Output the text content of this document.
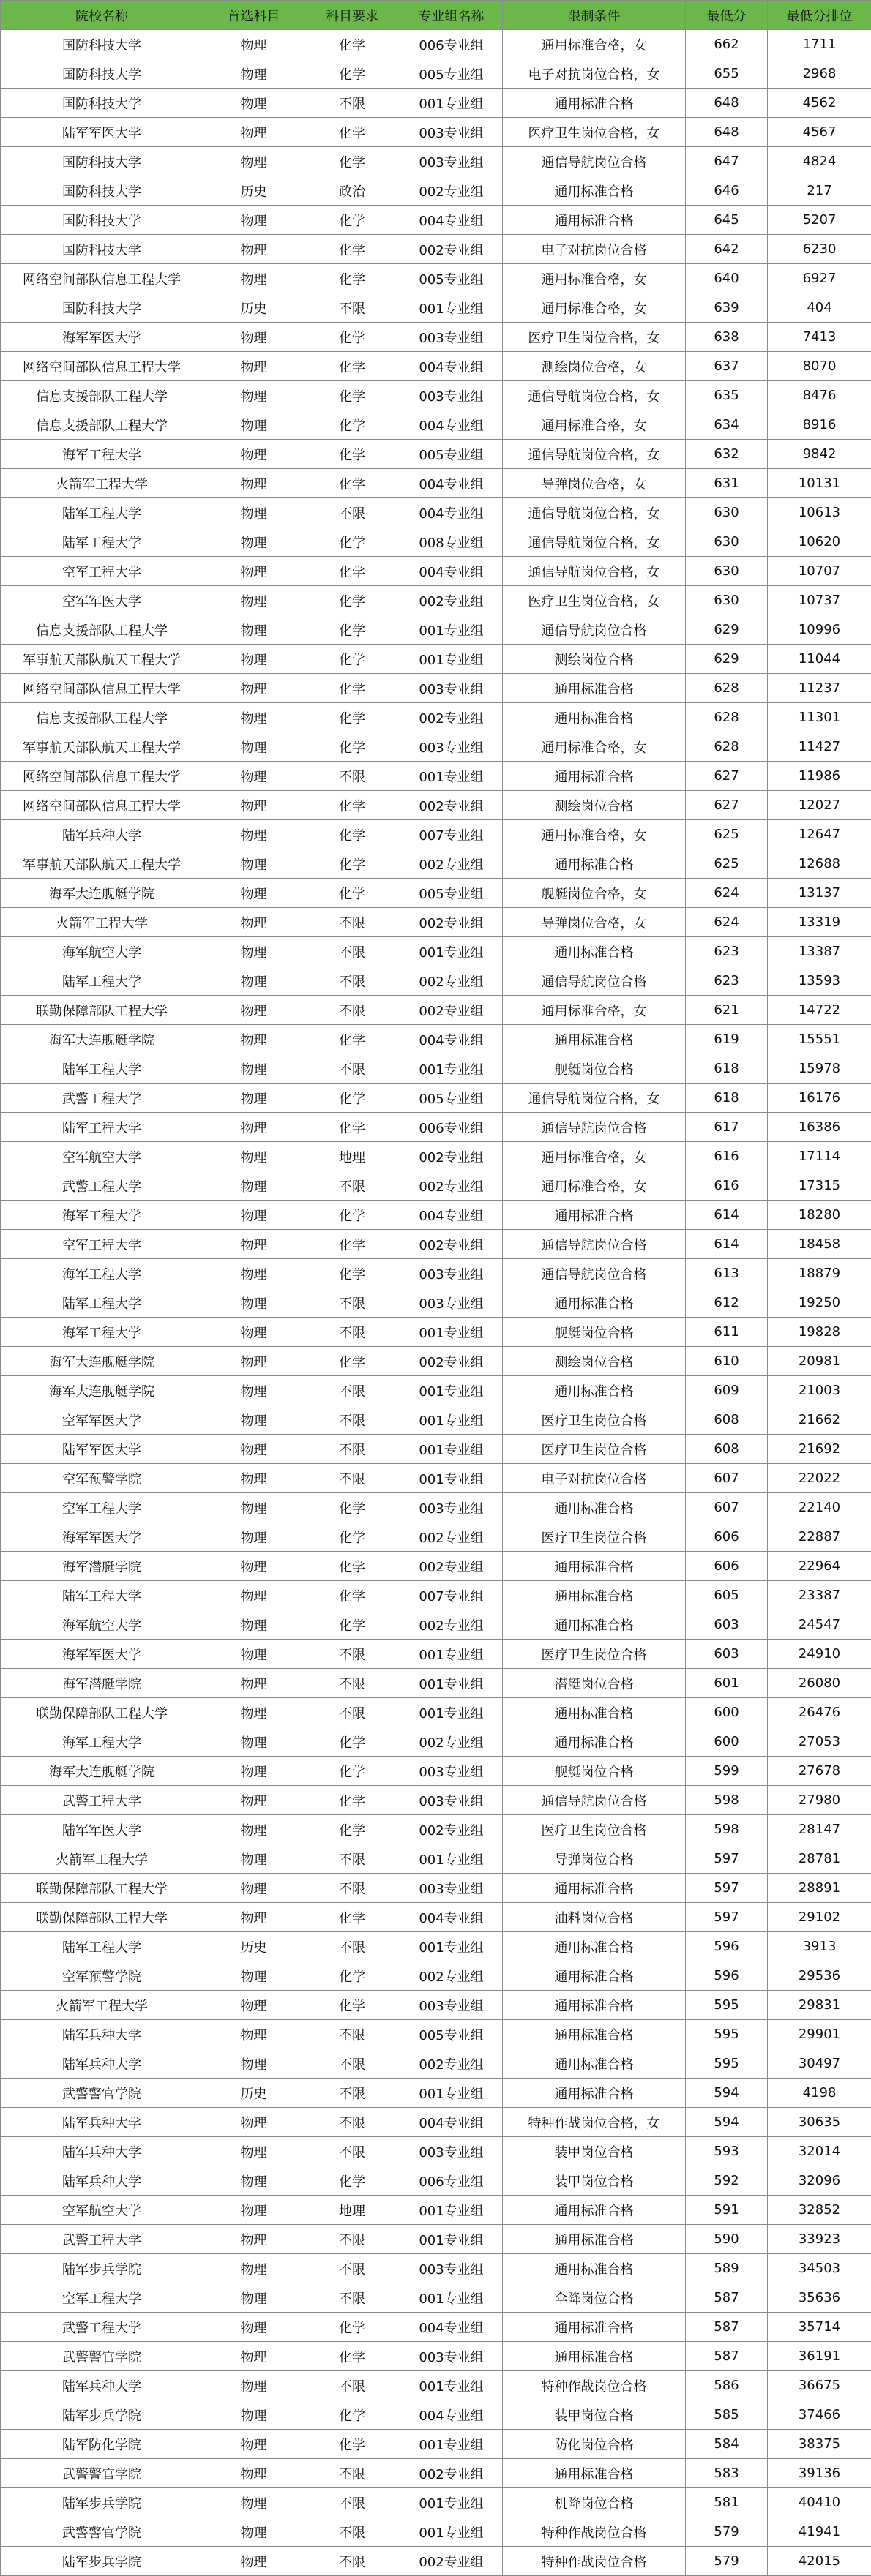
院校名称	首选科目	科目要求	专业组名称	限制条件	最低分	最低分排位
国防科技大学	物理	化学	006专业组	通用标准合格，女	662	1711
国防科技大学	物理	化学	005专业组	电子对抗岗位合格，女	655	2968
国防科技大学	物理	不限	001专业组	通用标准合格	648	4562
陆军军医大学	物理	化学	003专业组	医疗卫生岗位合格，女	648	4567
国防科技大学	物理	化学	003专业组	通信导航岗位合格	647	4824
国防科技大学	历史	政治	002专业组	通用标准合格	646	217
国防科技大学	物理	化学	004专业组	通用标准合格	645	5207
国防科技大学	物理	化学	002专业组	电子对抗岗位合格	642	6230
网络空间部队信息工程大学	物理	化学	005专业组	通用标准合格，女	640	6927
国防科技大学	历史	不限	001专业组	通用标准合格，女	639	404
海军军医大学	物理	化学	003专业组	医疗卫生岗位合格，女	638	7413
网络空间部队信息工程大学	物理	化学	004专业组	测绘岗位合格，女	637	8070
信息支援部队工程大学	物理	化学	003专业组	通信导航岗位合格，女	635	8476
信息支援部队工程大学	物理	化学	004专业组	通用标准合格，女	634	8916
海军工程大学	物理	化学	005专业组	通信导航岗位合格，女	632	9842
火箭军工程大学	物理	化学	004专业组	导弹岗位合格，女	631	10131
陆军工程大学	物理	不限	004专业组	通信导航岗位合格，女	630	10613
陆军工程大学	物理	化学	008专业组	通信导航岗位合格，女	630	10620
空军工程大学	物理	化学	004专业组	通信导航岗位合格，女	630	10707
空军军医大学	物理	化学	002专业组	医疗卫生岗位合格，女	630	10737
信息支援部队工程大学	物理	化学	001专业组	通信导航岗位合格	629	10996
军事航天部队航天工程大学	物理	化学	001专业组	测绘岗位合格	629	11044
网络空间部队信息工程大学	物理	化学	003专业组	通用标准合格	628	11237
信息支援部队工程大学	物理	化学	002专业组	通用标准合格	628	11301
军事航天部队航天工程大学	物理	化学	003专业组	通用标准合格，女	628	11427
网络空间部队信息工程大学	物理	不限	001专业组	通用标准合格	627	11986
网络空间部队信息工程大学	物理	化学	002专业组	测绘岗位合格	627	12027
陆军兵种大学	物理	化学	007专业组	通用标准合格，女	625	12647
军事航天部队航天工程大学	物理	化学	002专业组	通用标准合格	625	12688
海军大连舰艇学院	物理	化学	005专业组	舰艇岗位合格，女	624	13137
火箭军工程大学	物理	不限	002专业组	导弹岗位合格，女	624	13319
海军航空大学	物理	不限	001专业组	通用标准合格	623	13387
陆军工程大学	物理	不限	002专业组	通信导航岗位合格	623	13593
联勤保障部队工程大学	物理	不限	002专业组	通用标准合格，女	621	14722
海军大连舰艇学院	物理	化学	004专业组	通用标准合格	619	15551
陆军工程大学	物理	不限	001专业组	舰艇岗位合格	618	15978
武警工程大学	物理	化学	005专业组	通信导航岗位合格，女	618	16176
陆军工程大学	物理	化学	006专业组	通信导航岗位合格	617	16386
空军航空大学	物理	地理	002专业组	通用标准合格，女	616	17114
武警工程大学	物理	不限	002专业组	通用标准合格，女	616	17315
海军工程大学	物理	化学	004专业组	通用标准合格	614	18280
空军工程大学	物理	化学	002专业组	通信导航岗位合格	614	18458
海军工程大学	物理	化学	003专业组	通信导航岗位合格	613	18879
陆军工程大学	物理	不限	003专业组	通用标准合格	612	19250
海军工程大学	物理	不限	001专业组	舰艇岗位合格	611	19828
海军大连舰艇学院	物理	化学	002专业组	测绘岗位合格	610	20981
海军大连舰艇学院	物理	不限	001专业组	通用标准合格	609	21003
空军军医大学	物理	不限	001专业组	医疗卫生岗位合格	608	21662
陆军军医大学	物理	不限	001专业组	医疗卫生岗位合格	608	21692
空军预警学院	物理	不限	001专业组	电子对抗岗位合格	607	22022
空军工程大学	物理	化学	003专业组	通用标准合格	607	22140
海军军医大学	物理	化学	002专业组	医疗卫生岗位合格	606	22887
海军潜艇学院	物理	化学	002专业组	通用标准合格	606	22964
陆军工程大学	物理	化学	007专业组	通用标准合格	605	23387
海军航空大学	物理	化学	002专业组	通用标准合格	603	24547
海军军医大学	物理	不限	001专业组	医疗卫生岗位合格	603	24910
海军潜艇学院	物理	不限	001专业组	潜艇岗位合格	601	26080
联勤保障部队工程大学	物理	不限	001专业组	通用标准合格	600	26476
海军工程大学	物理	化学	002专业组	通用标准合格	600	27053
海军大连舰艇学院	物理	化学	003专业组	舰艇岗位合格	599	27678
武警工程大学	物理	化学	003专业组	通信导航岗位合格	598	27980
陆军军医大学	物理	化学	002专业组	医疗卫生岗位合格	598	28147
火箭军工程大学	物理	不限	001专业组	导弹岗位合格	597	28781
联勤保障部队工程大学	物理	不限	003专业组	通用标准合格	597	28891
联勤保障部队工程大学	物理	化学	004专业组	油料岗位合格	597	29102
陆军工程大学	历史	不限	001专业组	通用标准合格	596	3913
空军预警学院	物理	化学	002专业组	通用标准合格	596	29536
火箭军工程大学	物理	化学	003专业组	通用标准合格	595	29831
陆军兵种大学	物理	不限	005专业组	通用标准合格	595	29901
陆军兵种大学	物理	不限	002专业组	通用标准合格	595	30497
武警警官学院	历史	不限	001专业组	通用标准合格	594	4198
陆军兵种大学	物理	不限	004专业组	特种作战岗位合格，女	594	30635
陆军兵种大学	物理	不限	003专业组	装甲岗位合格	593	32014
陆军兵种大学	物理	化学	006专业组	装甲岗位合格	592	32096
空军航空大学	物理	地理	001专业组	通用标准合格	591	32852
武警工程大学	物理	不限	001专业组	通用标准合格	590	33923
陆军步兵学院	物理	不限	003专业组	通用标准合格	589	34503
空军工程大学	物理	不限	001专业组	伞降岗位合格	587	35636
武警工程大学	物理	化学	004专业组	通用标准合格	587	35714
武警警官学院	物理	化学	003专业组	通用标准合格	587	36191
陆军兵种大学	物理	不限	001专业组	特种作战岗位合格	586	36675
陆军步兵学院	物理	化学	004专业组	装甲岗位合格	585	37466
陆军防化学院	物理	化学	001专业组	防化岗位合格	584	38375
武警警官学院	物理	不限	002专业组	通用标准合格	583	39136
陆军步兵学院	物理	不限	001专业组	机降岗位合格	581	40410
武警警官学院	物理	不限	001专业组	特种作战岗位合格	579	41941
陆军步兵学院	物理	不限	002专业组	特种作战岗位合格	579	42015
